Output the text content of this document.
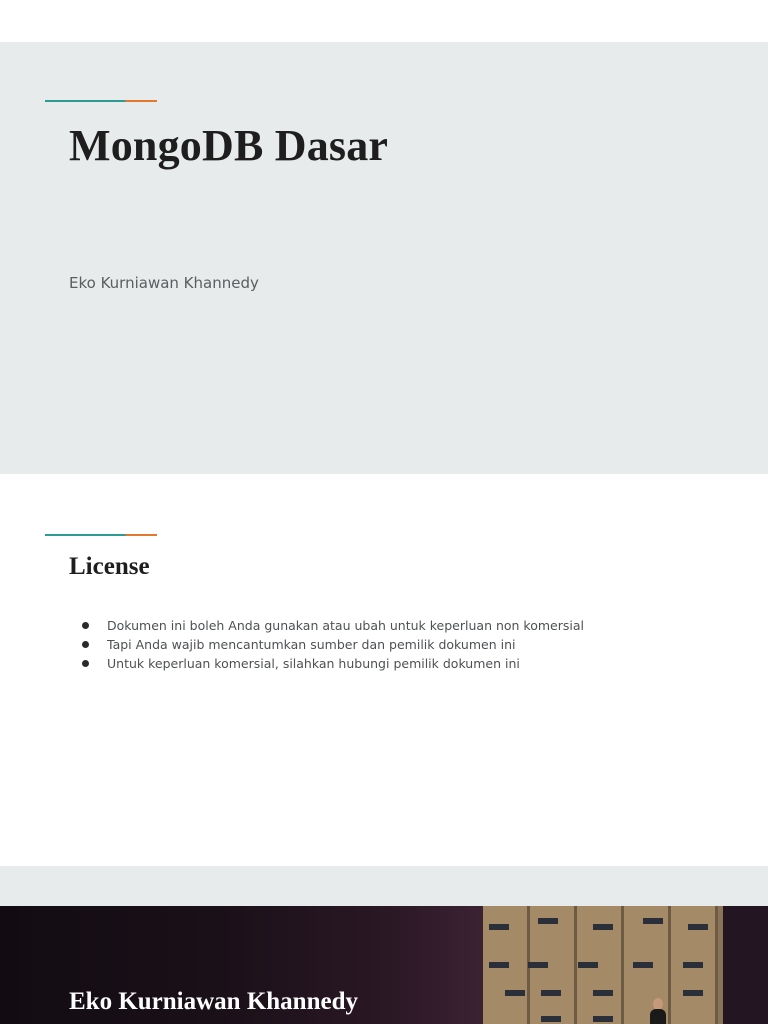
MongoDB Dasar

Eko Kurniawan Khannedy

License
Dokumen ini boleh Anda gunakan atau ubah untuk keperluan non komersial
Tapi Anda wajib mencantumkan sumber dan pemilik dokumen ini
Untuk keperluan komersial, silahkan hubungi pemilik dokumen ini
Eko Kurniawan Khannedy
